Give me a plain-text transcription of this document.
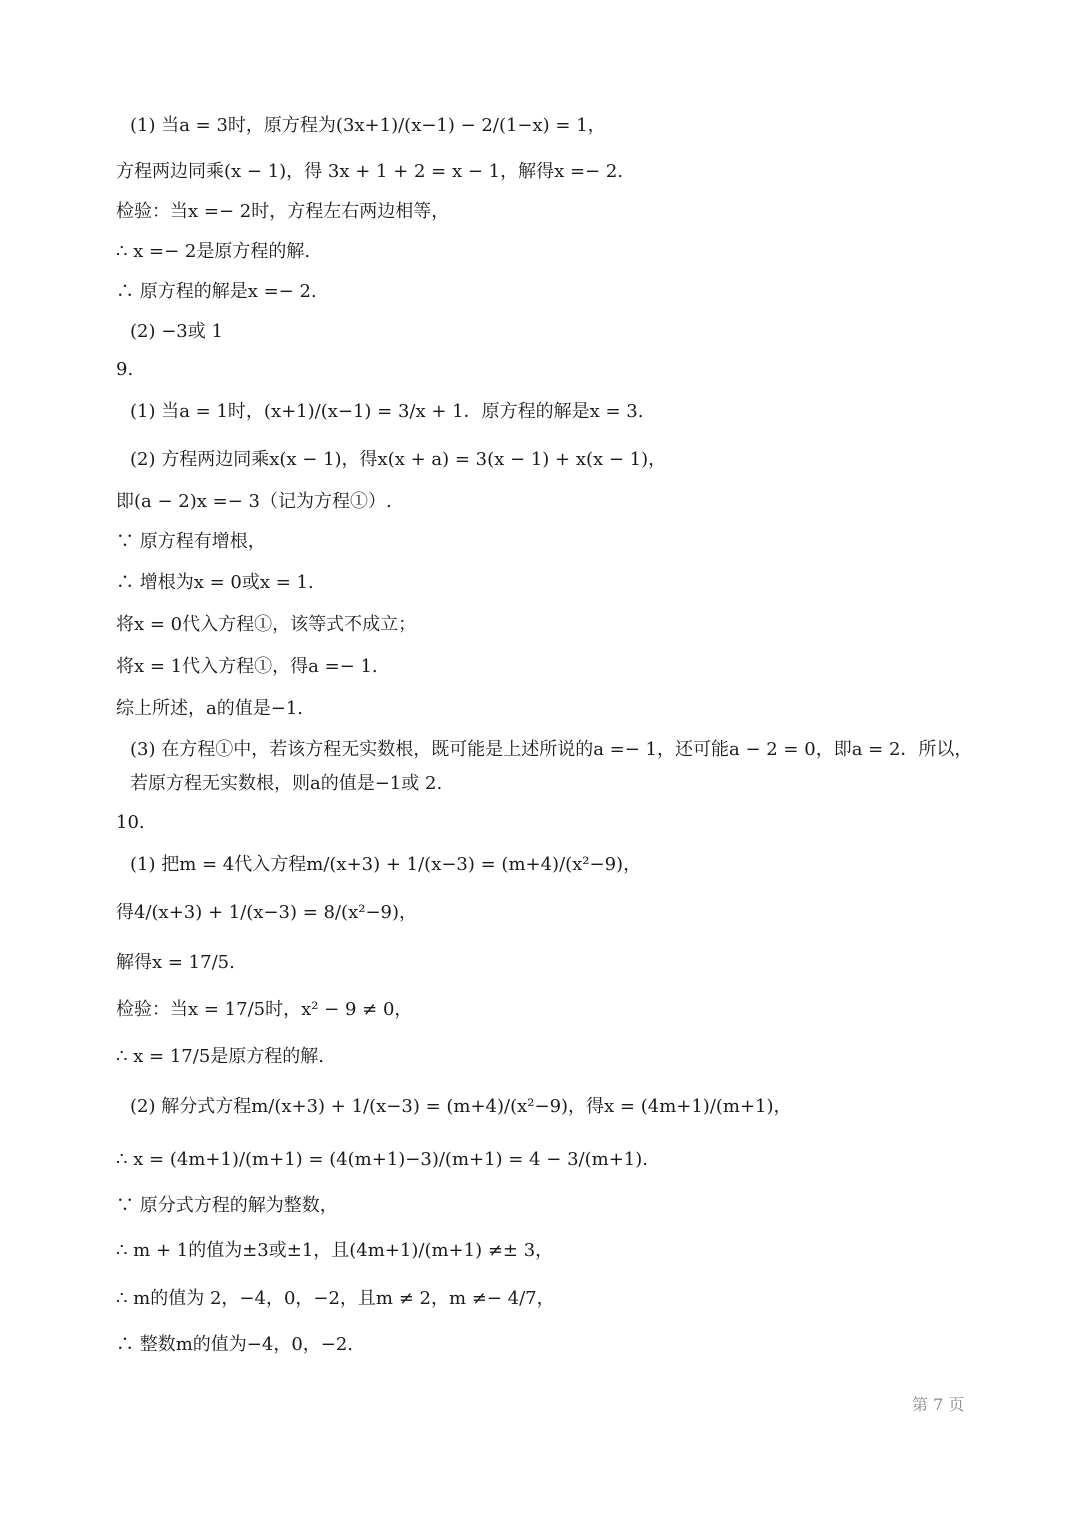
(1) 当a = 3时，原方程为(3x+1)/(x−1) − 2/(1−x) = 1，
方程两边同乘(x − 1)，得 3x + 1 + 2 = x − 1，解得x =− 2.
检验：当x =− 2时，方程左右两边相等，
∴ x =− 2是原方程的解.
∴ 原方程的解是x =− 2.
(2) −3或 1
9.
(1) 当a = 1时，(x+1)/(x−1) = 3/x + 1．原方程的解是x = 3.
(2) 方程两边同乘x(x − 1)，得x(x + a) = 3(x − 1) + x(x − 1)，
即(a − 2)x =− 3（记为方程①）.
∵ 原方程有增根，
∴ 增根为x = 0或x = 1.
将x = 0代入方程①，该等式不成立；
将x = 1代入方程①，得a =− 1.
综上所述，a的值是−1.
(3) 在方程①中，若该方程无实数根，既可能是上述所说的a =− 1，还可能a − 2 = 0，即a = 2．所以，若原方程无实数根，则a的值是−1或 2.
10.
(1) 把m = 4代入方程m/(x+3) + 1/(x−3) = (m+4)/(x²−9)，
得4/(x+3) + 1/(x−3) = 8/(x²−9)，
解得x = 17/5.
检验：当x = 17/5时，x² − 9 ≠ 0，
∴ x = 17/5是原方程的解.
(2) 解分式方程m/(x+3) + 1/(x−3) = (m+4)/(x²−9)，得x = (4m+1)/(m+1)，
∴ x = (4m+1)/(m+1) = (4(m+1)−3)/(m+1) = 4 − 3/(m+1).
∵ 原分式方程的解为整数，
∴ m + 1的值为±3或±1，且(4m+1)/(m+1) ≠± 3，
∴ m的值为 2，−4，0，−2，且m ≠ 2，m ≠− 4/7，
∴ 整数m的值为−4，0，−2.
第 7 页
